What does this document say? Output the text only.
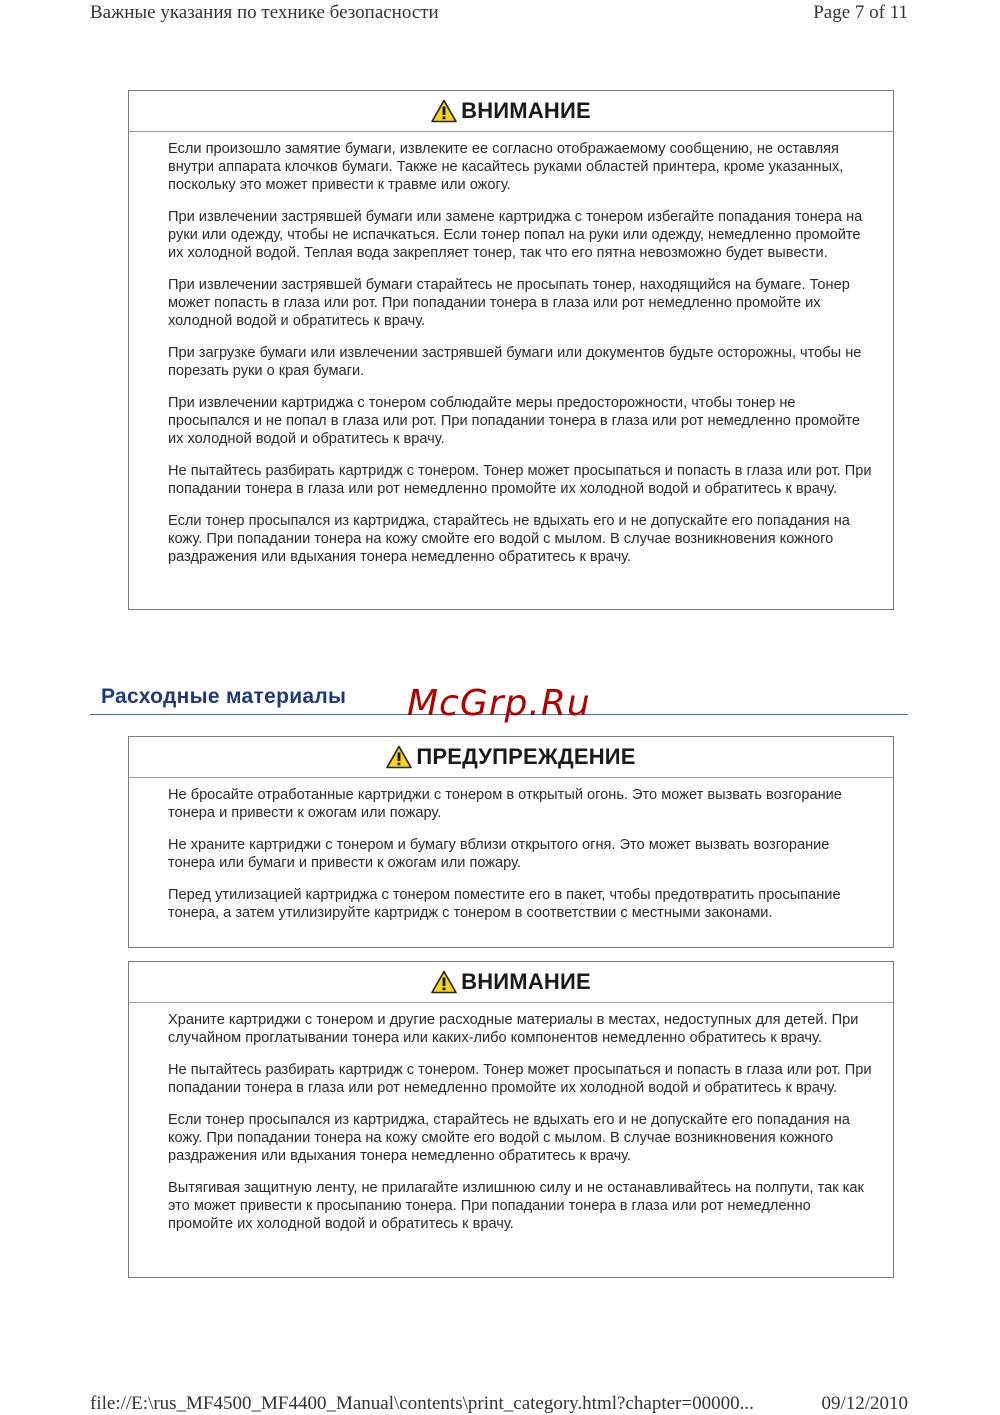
Важные указания по технике безопасности	Page 7 of 11
ВНИМАНИЕ

Если произошло замятие бумаги, извлеките ее согласно отображаемому сообщению, не оставляя внутри аппарата клочков бумаги. Также не касайтесь руками областей принтера, кроме указанных, поскольку это может привести к травме или ожогу.

При извлечении застрявшей бумаги или замене картриджа с тонером избегайте попадания тонера на руки или одежду, чтобы не испачкаться. Если тонер попал на руки или одежду, немедленно промойте их холодной водой. Теплая вода закрепляет тонер, так что его пятна невозможно будет вывести.

При извлечении застрявшей бумаги старайтесь не просыпать тонер, находящийся на бумаге. Тонер может попасть в глаза или рот. При попадании тонера в глаза или рот немедленно промойте их холодной водой и обратитесь к врачу.

При загрузке бумаги или извлечении застрявшей бумаги или документов будьте осторожны, чтобы не порезать руки о края бумаги.

При извлечении картриджа с тонером соблюдайте меры предосторожности, чтобы тонер не просыпался и не попал в глаза или рот. При попадании тонера в глаза или рот немедленно промойте их холодной водой и обратитесь к врачу.

Не пытайтесь разбирать картридж с тонером. Тонер может просыпаться и попасть в глаза или рот. При попадании тонера в глаза или рот немедленно промойте их холодной водой и обратитесь к врачу.

Если тонер просыпался из картриджа, старайтесь не вдыхать его и не допускайте его попадания на кожу. При попадании тонера на кожу смойте его водой с мылом. В случае возникновения кожного раздражения или вдыхания тонера немедленно обратитесь к врачу.

Расходные материалы McGrp.Ru
ПРЕДУПРЕЖДЕНИЕ

Не бросайте отработанные картриджи с тонером в открытый огонь. Это может вызвать возгорание тонера и привести к ожогам или пожару.

Не храните картриджи с тонером и бумагу вблизи открытого огня. Это может вызвать возгорание тонера или бумаги и привести к ожогам или пожару.

Перед утилизацией картриджа с тонером поместите его в пакет, чтобы предотвратить просыпание тонера, а затем утилизируйте картридж с тонером в соответствии с местными законами.

ВНИМАНИЕ

Храните картриджи с тонером и другие расходные материалы в местах, недоступных для детей. При случайном проглатывании тонера или каких-либо компонентов немедленно обратитесь к врачу.

Не пытайтесь разбирать картридж с тонером. Тонер может просыпаться и попасть в глаза или рот. При попадании тонера в глаза или рот немедленно промойте их холодной водой и обратитесь к врачу.

Если тонер просыпался из картриджа, старайтесь не вдыхать его и не допускайте его попадания на кожу. При попадании тонера на кожу смойте его водой с мылом. В случае возникновения кожного раздражения или вдыхания тонера немедленно обратитесь к врачу.

Вытягивая защитную ленту, не прилагайте излишнюю силу и не останавливайтесь на полпути, так как это может привести к просыпанию тонера. При попадании тонера в глаза или рот немедленно промойте их холодной водой и обратитесь к врачу.

file://E:\rus_MF4500_MF4400_Manual\contents\print_category.html?chapter=00000...	09/12/2010
